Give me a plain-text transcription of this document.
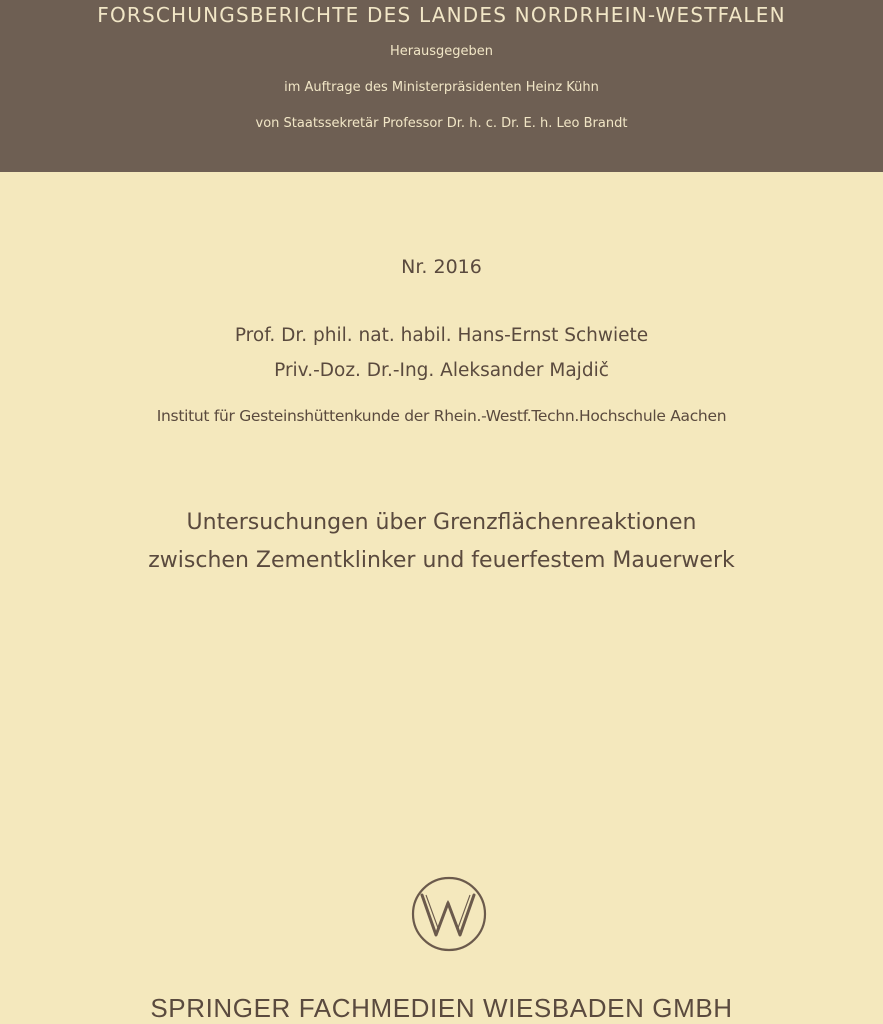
FORSCHUNGSBERICHTE DES LANDES NORDRHEIN-WESTFALEN
Herausgegeben
im Auftrage des Ministerpräsidenten Heinz Kühn
von Staatssekretär Professor Dr. h. c. Dr. E. h. Leo Brandt
Nr. 2016
Prof. Dr. phil. nat. habil. Hans-Ernst Schwiete
Priv.-Doz. Dr.-Ing. Aleksander Majdič
Institut für Gesteinshüttenkunde der Rhein.-Westf.Techn.Hochschule Aachen
Untersuchungen über Grenzflächenreaktionen
zwischen Zementklinker und feuerfestem Mauerwerk
SPRINGER FACHMEDIEN WIESBADEN GMBH
